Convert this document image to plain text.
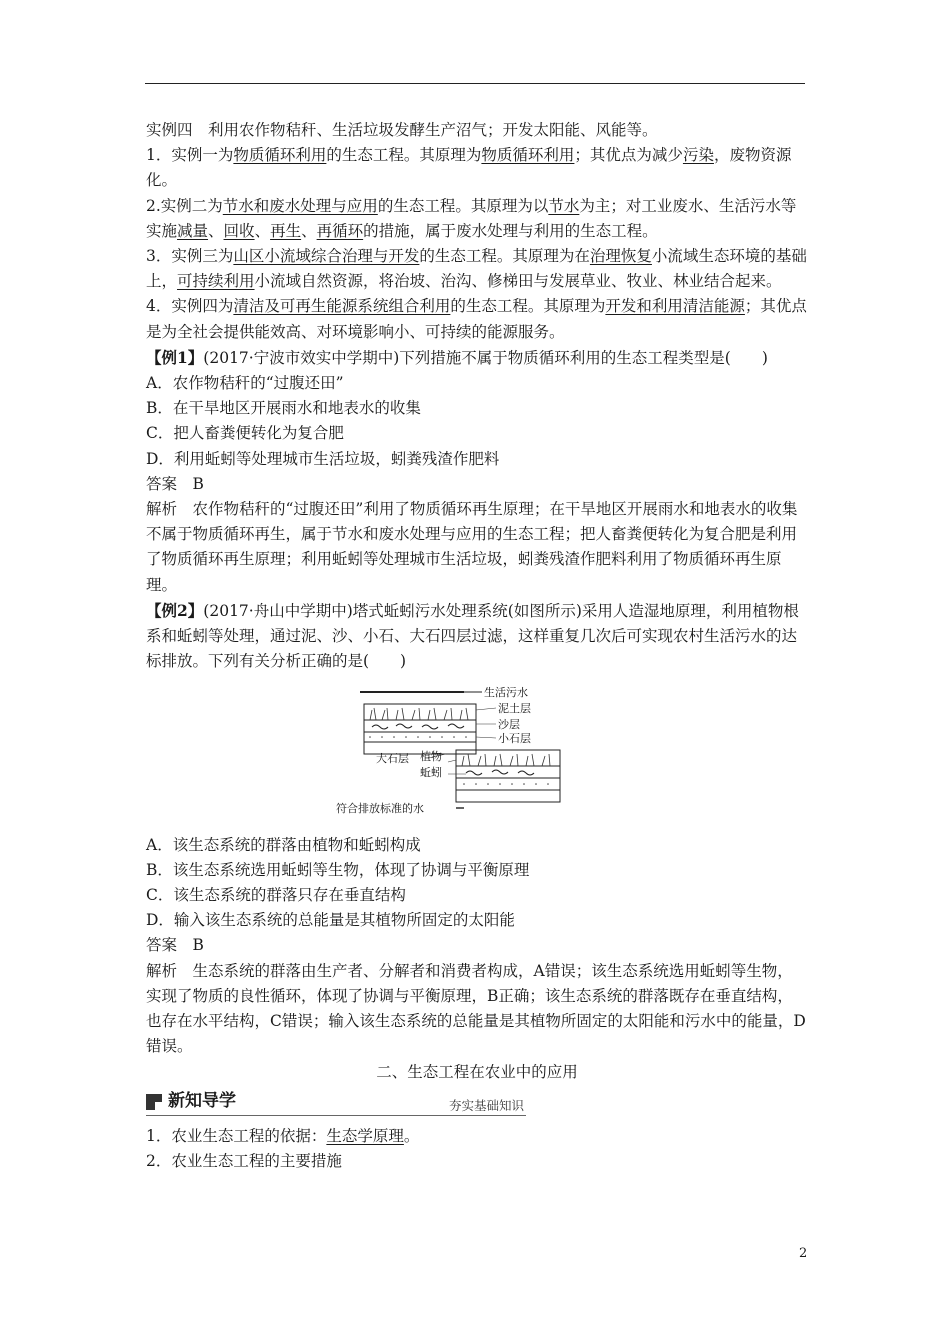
实例四　利用农作物秸秆、生活垃圾发酵生产沼气；开发太阳能、风能等。

1．实例一为物质循环利用的生态工程。其原理为物质循环利用；其优点为减少污染，废物资源化。

2.实例二为节水和废水处理与应用的生态工程。其原理为以节水为主；对工业废水、生活污水等实施减量、回收、再生、再循环的措施，属于废水处理与利用的生态工程。

3．实例三为山区小流域综合治理与开发的生态工程。其原理为在治理恢复小流域生态环境的基础上，可持续利用小流域自然资源，将治坡、治沟、修梯田与发展草业、牧业、林业结合起来。

4．实例四为清洁及可再生能源系统组合利用的生态工程。其原理为开发和利用清洁能源；其优点是为全社会提供能效高、对环境影响小、可持续的能源服务。

【例1】(2017·宁波市效实中学期中)下列措施不属于物质循环利用的生态工程类型是(　　)

A．农作物秸秆的“过腹还田”

B．在干旱地区开展雨水和地表水的收集

C．把人畜粪便转化为复合肥

D．利用蚯蚓等处理城市生活垃圾，蚓粪残渣作肥料

答案　B

解析　农作物秸秆的“过腹还田”利用了物质循环再生原理；在干旱地区开展雨水和地表水的收集不属于物质循环再生，属于节水和废水处理与应用的生态工程；把人畜粪便转化为复合肥是利用了物质循环再生原理；利用蚯蚓等处理城市生活垃圾，蚓粪残渣作肥料利用了物质循环再生原理。

【例2】(2017·舟山中学期中)塔式蚯蚓污水处理系统(如图所示)采用人造湿地原理，利用植物根系和蚯蚓等处理，通过泥、沙、小石、大石四层过滤，这样重复几次后可实现农村生活污水的达标排放。下列有关分析正确的是(　　)

生活污水
泥土层
沙层
小石层
大石层 植物
蚯蚓
符合排放标准的水

A．该生态系统的群落由植物和蚯蚓构成

B．该生态系统选用蚯蚓等生物，体现了协调与平衡原理

C．该生态系统的群落只存在垂直结构

D．输入该生态系统的总能量是其植物所固定的太阳能

答案　B

解析　生态系统的群落由生产者、分解者和消费者构成，A错误；该生态系统选用蚯蚓等生物，实现了物质的良性循环，体现了协调与平衡原理，B正确；该生态系统的群落既存在垂直结构，也存在水平结构，C错误；输入该生态系统的总能量是其植物所固定的太阳能和污水中的能量，D错误。

二、生态工程在农业中的应用

新知导学	夯实基础知识

1．农业生态工程的依据：生态学原理。

2．农业生态工程的主要措施

2
